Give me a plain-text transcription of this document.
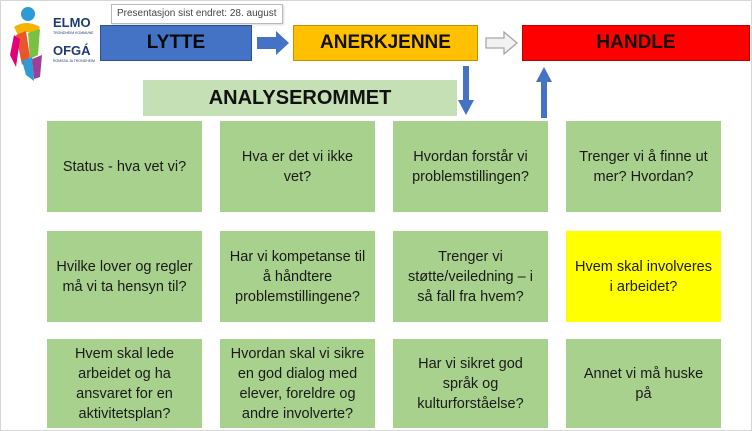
ELMO
TRONDHEIM KOMMUNE
OFGÁ
ROMSSA JA TRONDHEIM
LYTTE	ANERKJENNE	HANDLE
ANALYSEROMMET
Status - hva vet vi?
Hva er det vi ikke vet?
Hvordan forstår vi problemstillingen?
Trenger vi å finne ut mer? Hvordan?
Hvilke lover og regler må vi ta hensyn til?
Har vi kompetanse til å håndtere problemstillingene?
Trenger vi støtte/veiledning – i så fall fra hvem?
Hvem skal involveres i arbeidet?
Hvem skal lede arbeidet og ha ansvaret for en aktivitetsplan?
Hvordan skal vi sikre en god dialog med elever, foreldre og andre involverte?
Har vi sikret god språk og kulturforståelse?
Annet vi må huske på
Presentasjon sist endret: 28. august
